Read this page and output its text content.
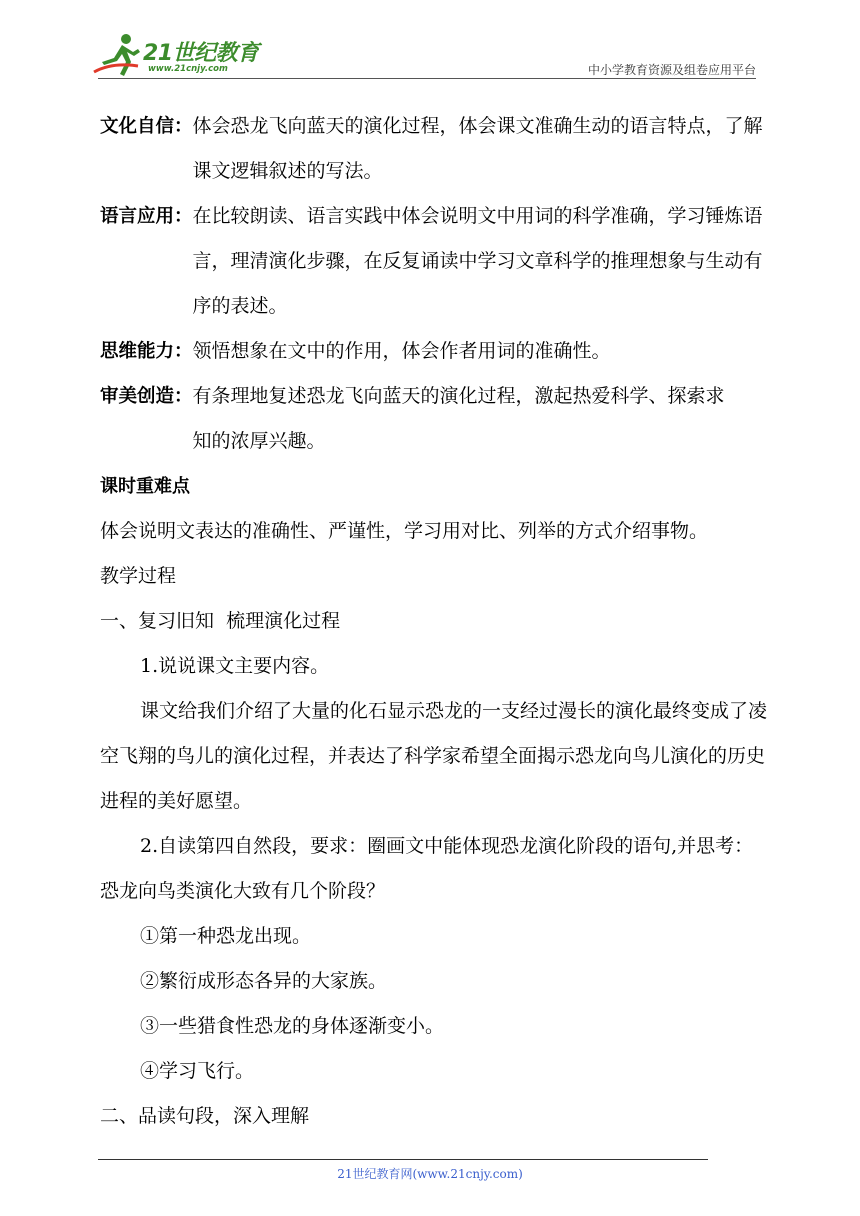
21世纪教育
www.21cnjy.com	中小学教育资源及组卷应用平台
文化自信： 体会恐龙飞向蓝天的演化过程，体会课文准确生动的语言特点，了解课文逻辑叙述的写法。
语言应用： 在比较朗读、语言实践中体会说明文中用词的科学准确，学习锤炼语言，理清演化步骤，在反复诵读中学习文章科学的推理想象与生动有序的表述。
思维能力： 领悟想象在文中的作用，体会作者用词的准确性。
审美创造： 有条理地复述恐龙飞向蓝天的演化过程，激起热爱科学、探索求知的浓厚兴趣。

课时重难点

体会说明文表达的准确性、严谨性，学习用对比、列举的方式介绍事物。

教学过程

一、复习旧知  梳理演化过程

1.说说课文主要内容。

课文给我们介绍了大量的化石显示恐龙的一支经过漫长的演化最终变成了凌空飞翔的鸟儿的演化过程，并表达了科学家希望全面揭示恐龙向鸟儿演化的历史进程的美好愿望。

2.自读第四自然段，要求：圈画文中能体现恐龙演化阶段的语句,并思考：恐龙向鸟类演化大致有几个阶段？

①第一种恐龙出现。

②繁衍成形态各异的大家族。

③一些猎食性恐龙的身体逐渐变小。

④学习飞行。

二、品读句段，深入理解

21世纪教育网(www.21cnjy.com)
